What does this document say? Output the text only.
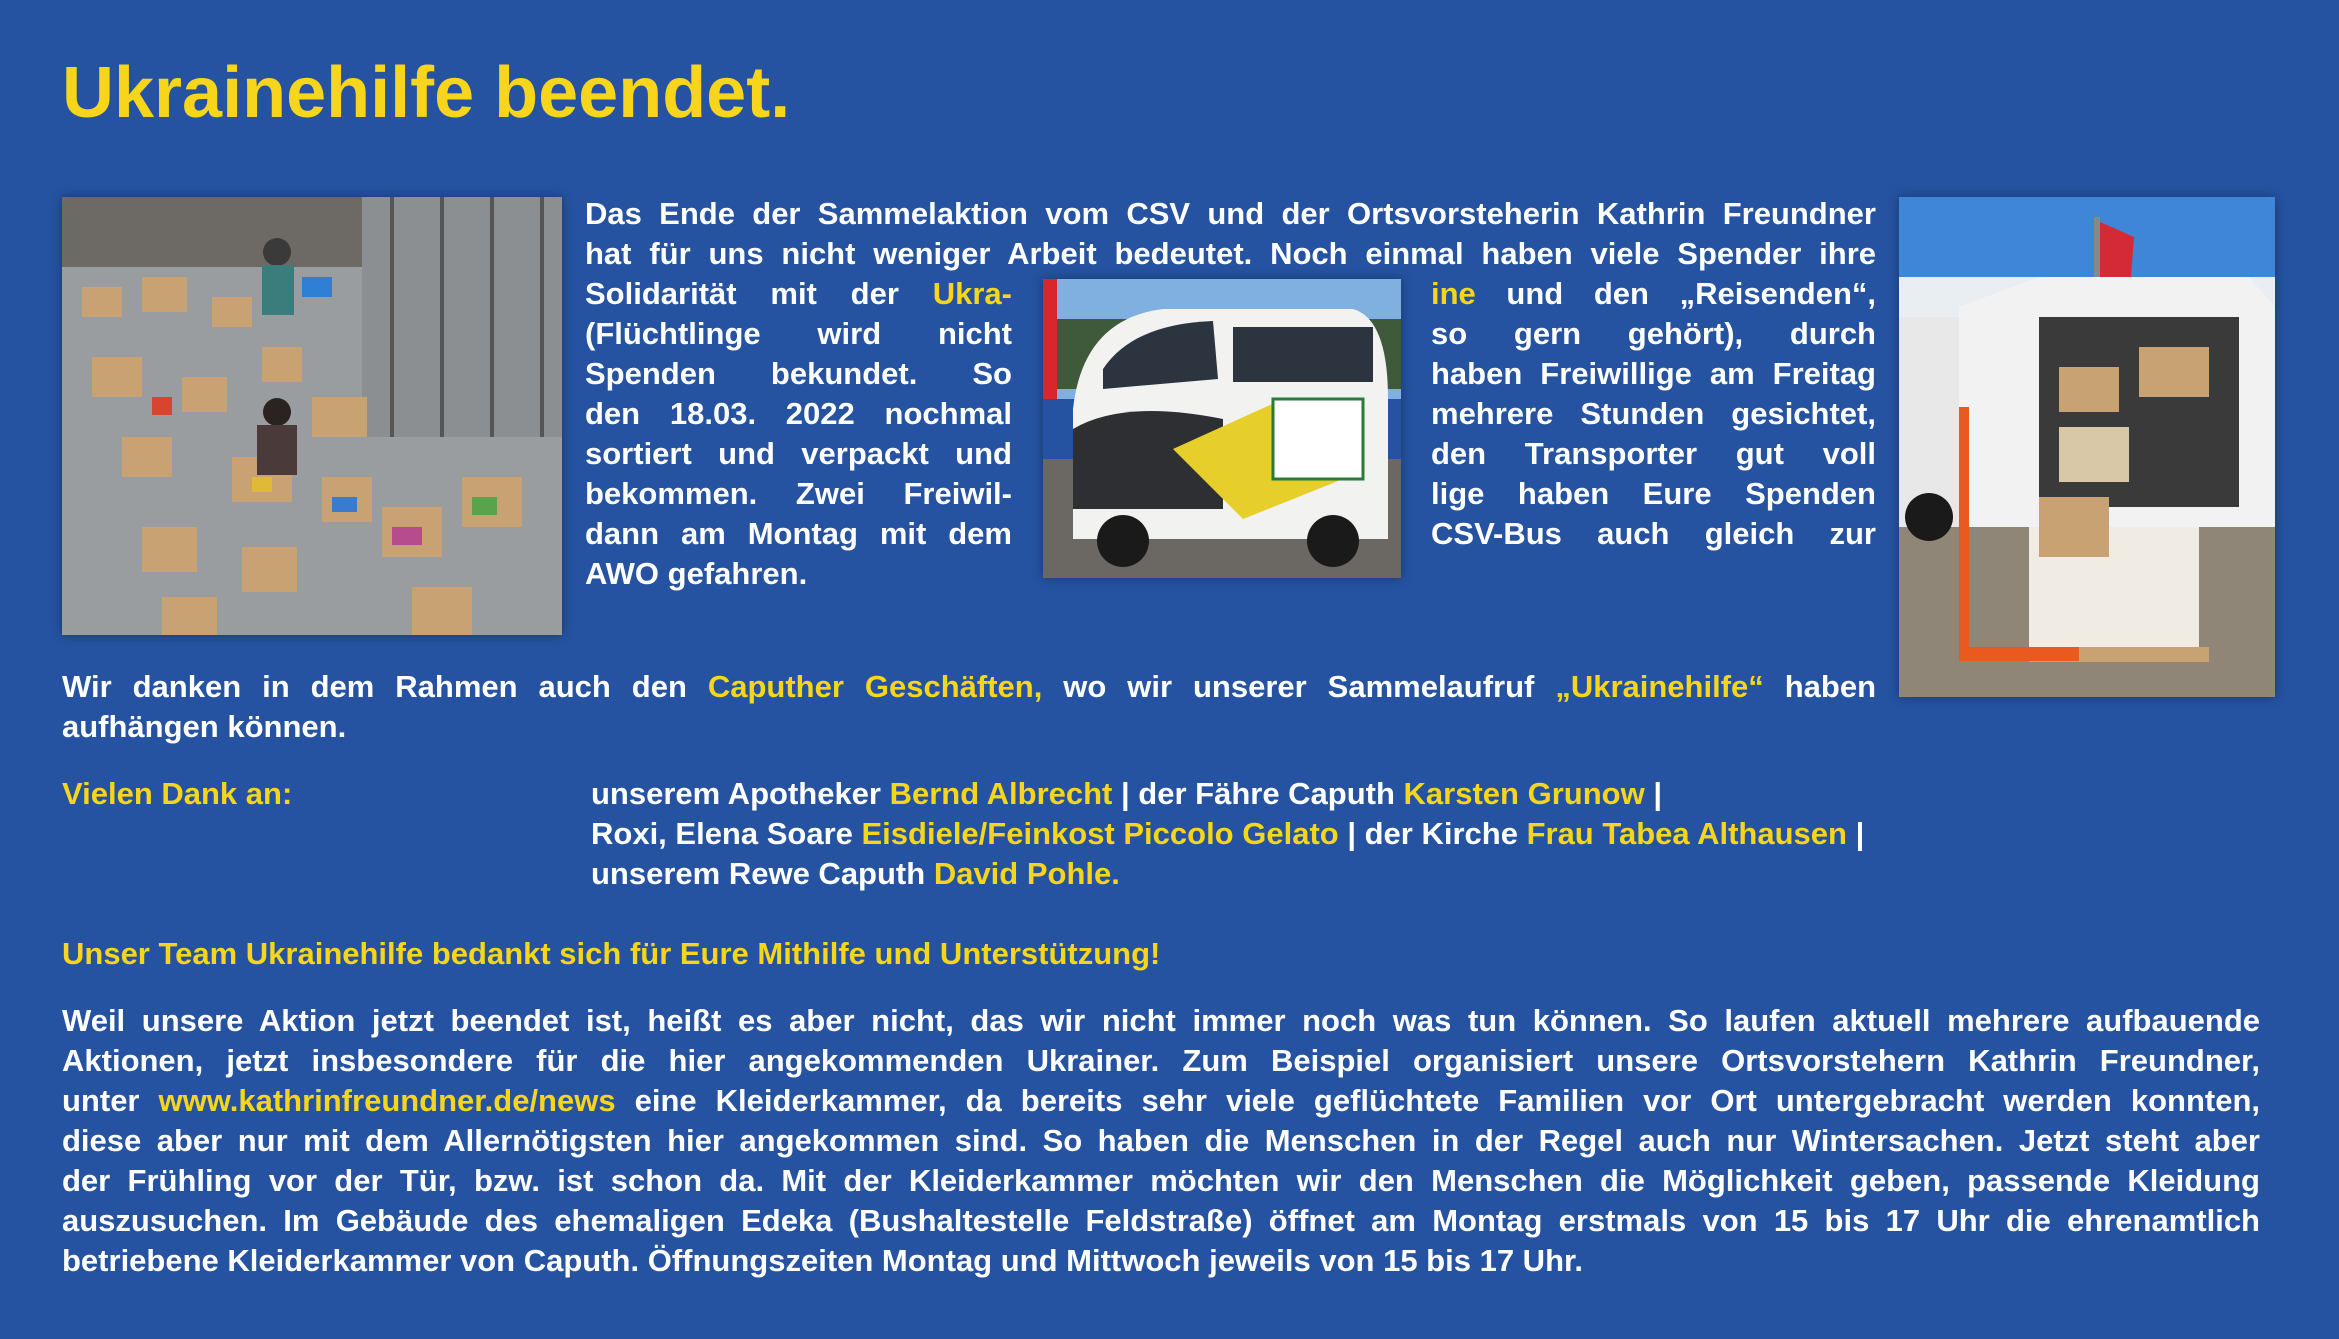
Ukrainehilfe beendet.
Das Ende der Sammelaktion vom CSV und der Ortsvorsteherin Kathrin Freundner
hat für uns nicht weniger Arbeit bedeutet. Noch einmal haben viele Spender ihre
Solidarität mit der Ukra-
(Flüchtlinge wird nicht
Spenden bekundet. So
den 18.03. 2022 nochmal
sortiert und verpackt und
bekommen. Zwei Freiwil-
dann am Montag mit dem
AWO gefahren.
ine und den „Reisenden“,
so gern gehört), durch
haben Freiwillige am Freitag
mehrere Stunden gesichtet,
den Transporter gut voll
lige haben Eure Spenden
CSV-Bus auch gleich zur
Wir danken in dem Rahmen auch den Caputher Geschäften, wo wir unserer Sammelaufruf „Ukrainehilfe“ haben
aufhängen können.
Vielen Dank an:	unserem Apotheker Bernd Albrecht | der Fähre Caputh Karsten Grunow |
Roxi, Elena Soare Eisdiele/Feinkost Piccolo Gelato | der Kirche Frau Tabea Althausen |
unserem Rewe Caputh David Pohle.
Unser Team Ukrainehilfe bedankt sich für Eure Mithilfe und Unterstützung!
Weil unsere Aktion jetzt beendet ist, heißt es aber nicht, das wir nicht immer noch was tun können. So laufen aktuell mehrere aufbauende
Aktionen, jetzt insbesondere für die hier angekommenden Ukrainer. Zum Beispiel organisiert unsere Ortsvorstehern Kathrin Freundner,
unter www.kathrinfreundner.de/news eine Kleiderkammer, da bereits sehr viele geflüchtete Familien vor Ort untergebracht werden konnten,
diese aber nur mit dem Allernötigsten hier angekommen sind. So haben die Menschen in der Regel auch nur Wintersachen. Jetzt steht aber
der Frühling vor der Tür, bzw. ist schon da. Mit der Kleiderkammer möchten wir den Menschen die Möglichkeit geben, passende Kleidung
auszusuchen. Im Gebäude des ehemaligen Edeka (Bushaltestelle Feldstraße) öffnet am Montag erstmals von 15 bis 17 Uhr die ehrenamtlich
betriebene Kleiderkammer von Caputh. Öffnungszeiten Montag und Mittwoch jeweils von 15 bis 17 Uhr.
